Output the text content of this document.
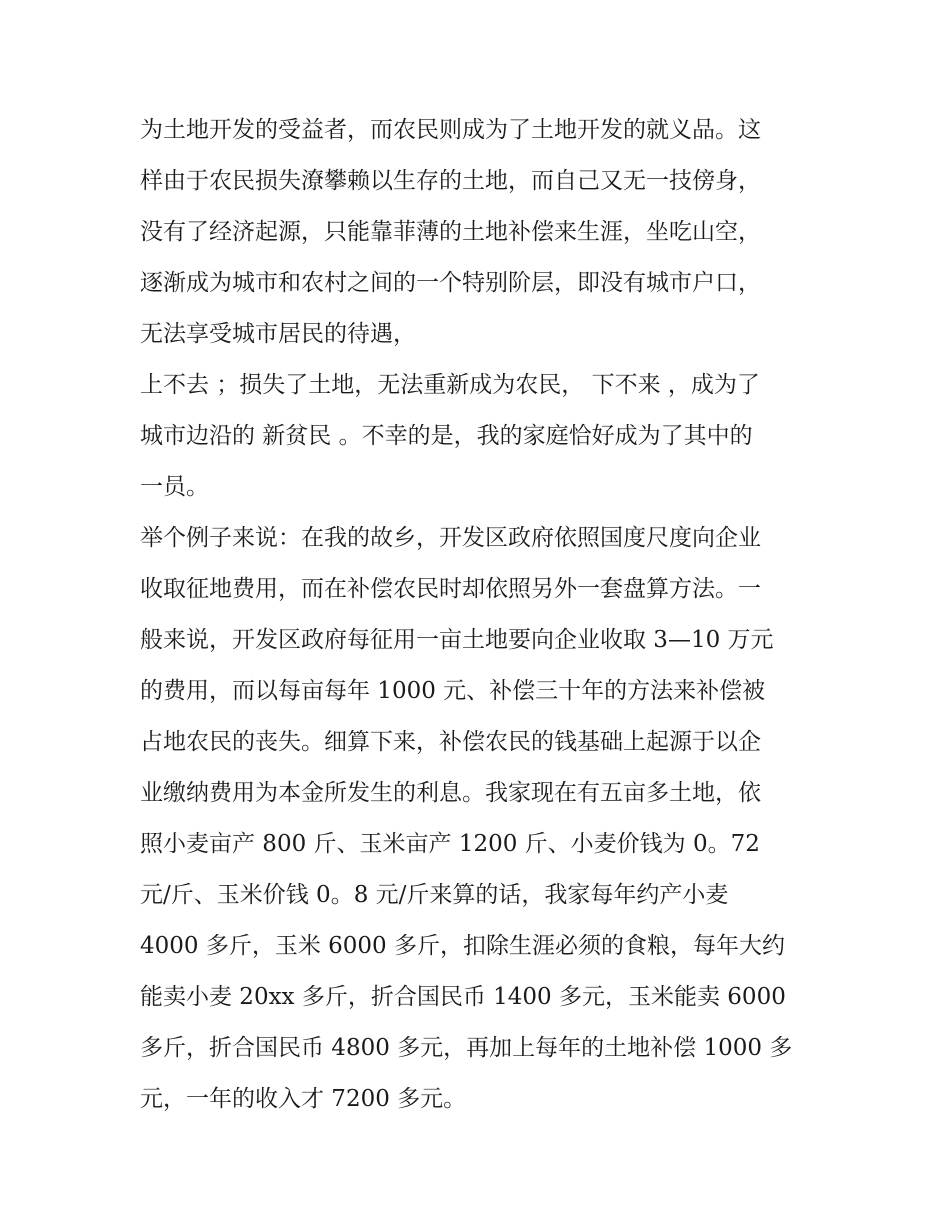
为土地开发的受益者，而农民则成为了土地开发的就义品。这
样由于农民损失潦攀赖以生存的土地，而自己又无一技傍身，
没有了经济起源，只能靠菲薄的土地补偿来生涯，坐吃山空，
逐渐成为城市和农村之间的一个特别阶层，即没有城市户口，
无法享受城市居民的待遇，
上不去 ；损失了土地，无法重新成为农民， 下不来 ，成为了
城市边沿的 新贫民 。不幸的是，我的家庭恰好成为了其中的
一员。
举个例子来说：在我的故乡，开发区政府依照国度尺度向企业
收取征地费用，而在补偿农民时却依照另外一套盘算方法。一
般来说，开发区政府每征用一亩土地要向企业收取 3—10 万元
的费用，而以每亩每年 1000 元、补偿三十年的方法来补偿被
占地农民的丧失。细算下来，补偿农民的钱基础上起源于以企
业缴纳费用为本金所发生的利息。我家现在有五亩多土地，依
照小麦亩产 800 斤、玉米亩产 1200 斤、小麦价钱为 0。72
元/斤、玉米价钱 0。8 元/斤来算的话，我家每年约产小麦
4000 多斤，玉米 6000 多斤，扣除生涯必须的食粮，每年大约
能卖小麦 20xx 多斤，折合国民币 1400 多元，玉米能卖 6000
多斤，折合国民币 4800 多元，再加上每年的土地补偿 1000 多
元，一年的收入才 7200 多元。
